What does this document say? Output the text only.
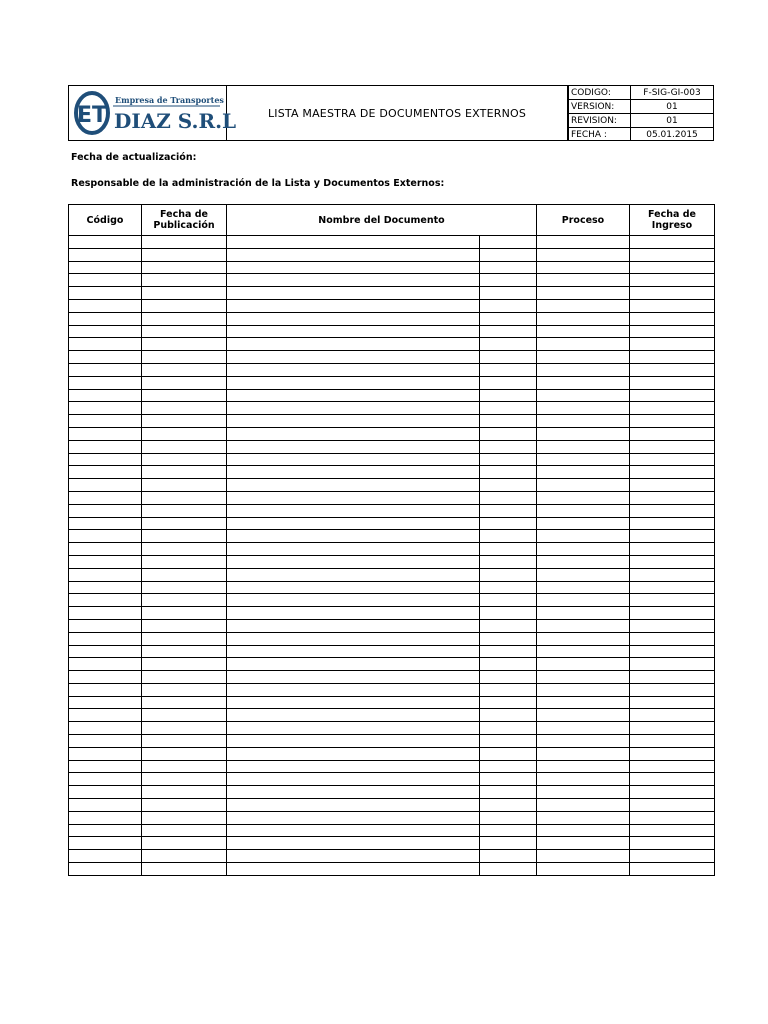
ET
Empresa de Transportes
DIAZ S.R.L	LISTA MAESTRA DE DOCUMENTOS EXTERNOS
CODIGO:	F-SIG-GI-003
VERSION:	01
REVISION:	01
FECHA :	05.01.2015
Fecha de actualización:
Responsable de la administración de la Lista y Documentos Externos:
Código	Fecha de Publicación	Nombre del Documento		Proceso	Fecha de Ingreso
